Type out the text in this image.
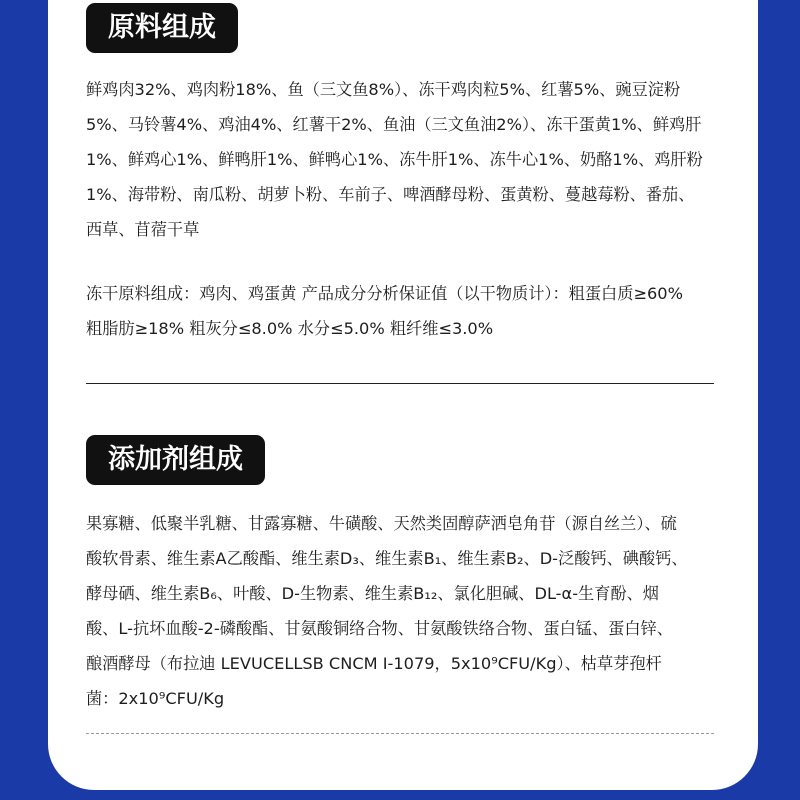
原料组成
鲜鸡肉32%、鸡肉粉18%、鱼（三文鱼8%）、冻干鸡肉粒5%、红薯5%、豌豆淀粉
5%、马铃薯4%、鸡油4%、红薯干2%、鱼油（三文鱼油2%）、冻干蛋黄1%、鲜鸡肝
1%、鲜鸡心1%、鲜鸭肝1%、鲜鸭心1%、冻牛肝1%、冻牛心1%、奶酪1%、鸡肝粉
1%、海带粉、南瓜粉、胡萝卜粉、车前子、啤酒酵母粉、蛋黄粉、蔓越莓粉、番茄、
西草、苜蓿干草
冻干原料组成：鸡肉、鸡蛋黄 产品成分分析保证值（以干物质计）：粗蛋白质≥60%
粗脂肪≥18% 粗灰分≤8.0% 水分≤5.0% 粗纤维≤3.0%
添加剂组成
果寡糖、低聚半乳糖、甘露寡糖、牛磺酸、天然类固醇萨洒皂角苷（源自丝兰）、硫
酸软骨素、维生素A乙酸酯、维生素D₃、维生素B₁、维生素B₂、D-泛酸钙、碘酸钙、
酵母硒、维生素B₆、叶酸、D-生物素、维生素B₁₂、氯化胆碱、DL-α-生育酚、烟
酸、L-抗坏血酸-2-磷酸酯、甘氨酸铜络合物、甘氨酸铁络合物、蛋白锰、蛋白锌、
酿酒酵母（布拉迪 LEVUCELLSB CNCM I-1079，5x10⁹CFU/Kg）、枯草芽孢杆
菌：2x10⁹CFU/Kg
